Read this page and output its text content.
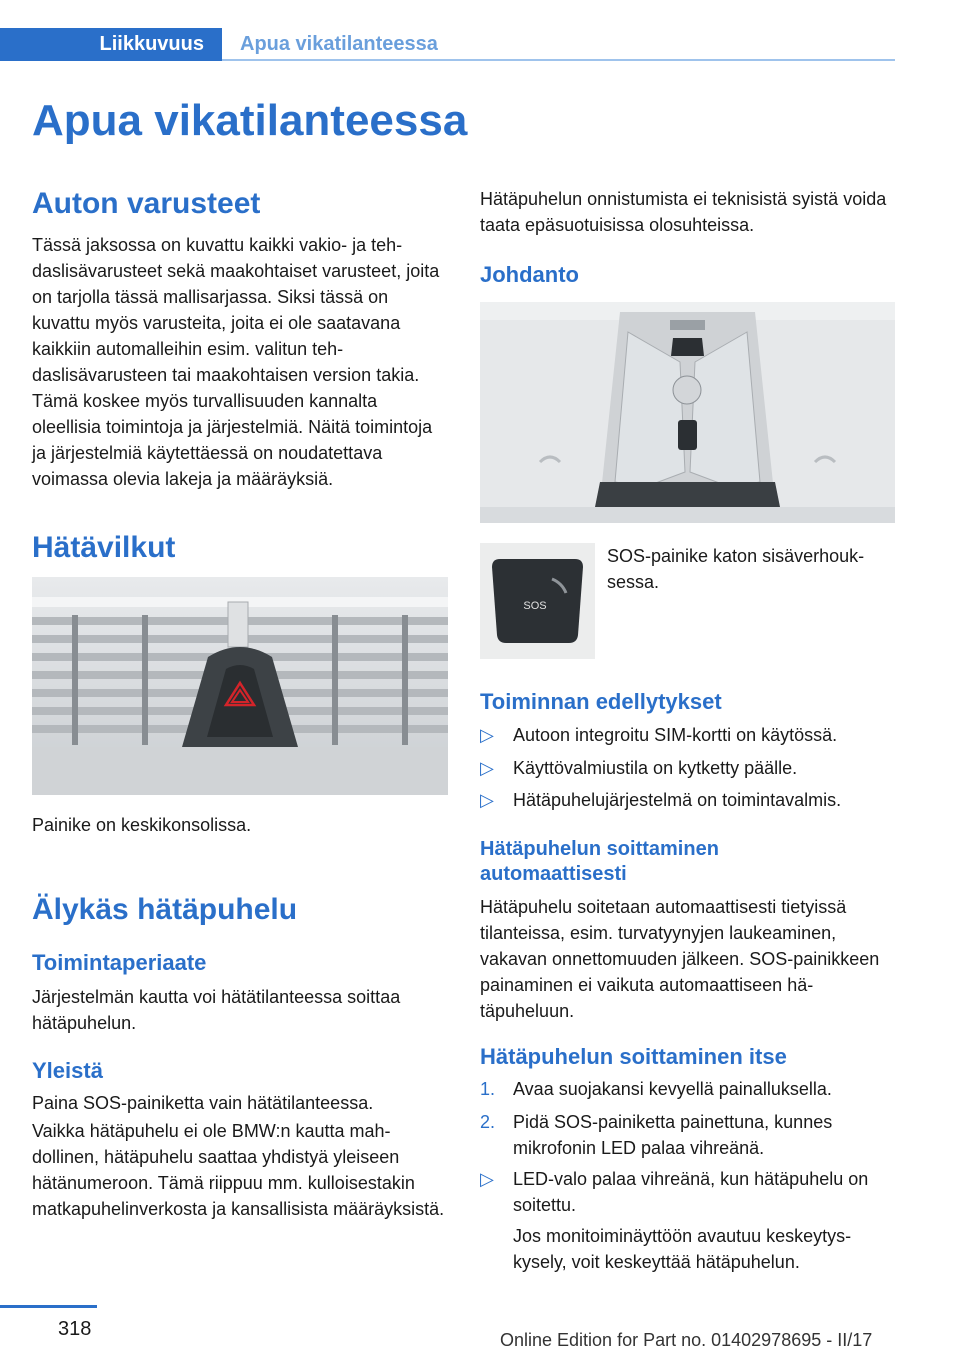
Liikkuvuus	Apua vikatilanteessa
Apua vikatilanteessa
Auton varusteet
Tässä jaksossa on kuvattu kaikki vakio- ja tehdaslisävarusteet sekä maakohtaiset varusteet, joita on tarjolla tässä mallisarjassa. Siksi tässä on kuvattu myös varusteita, joita ei ole saatavana kaikkiin automalleihin esim. valitun tehdaslisävarusteen tai maakohtaisen version takia. Tämä koskee myös turvallisuuden kannalta oleellisia toimintoja ja järjestelmiä. Näitä toimintoja ja järjestelmiä käytettäessä on noudatettava voimassa olevia lakeja ja määräyksiä.
Hätävilkut
Painike on keskikonsolissa.
Älykäs hätäpuhelu
Toimintaperiaate
Järjestelmän kautta voi hätätilanteessa soittaa hätäpuhelun.
Yleistä
Paina SOS-painiketta vain hätätilanteessa.
Vaikka hätäpuhelu ei ole BMW:n kautta mahdollinen, hätäpuhelu saattaa yhdistyä yleiseen hätänumeroon. Tämä riippuu mm. kulloisestakin matkapuhelinverkosta ja kansallisista määräyksistä.
Hätäpuhelun onnistumista ei teknisistä syistä voida taata epäsuotuisissa olosuhteissa.
Johdanto
SOS
SOS-painike katon sisäverhouksessa.
Toiminnan edellytykset
▷	Autoon integroitu SIM-kortti on käytössä.
▷	Käyttövalmiustila on kytketty päälle.
▷	Hätäpuhelujärjestelmä on toimintavalmis.
Hätäpuhelun soittaminen automaattisesti
Hätäpuhelu soitetaan automaattisesti tietyissä tilanteissa, esim. turvatyynyjen laukeaminen, vakavan onnettomuuden jälkeen. SOS-painikkeen painaminen ei vaikuta automaattiseen hätäpuheluun.
Hätäpuhelun soittaminen itse
1. Avaa suojakansi kevyellä painalluksella.
2. Pidä SOS-painiketta painettuna, kunnes mikrofonin LED palaa vihreänä.
▷	LED-valo palaa vihreänä, kun hätäpuhelu on soitettu.
Jos monitoiminäyttöön avautuu keskeytyskysely, voit keskeyttää hätäpuhelun.
318	Online Edition for Part no. 01402978695 - II/17
